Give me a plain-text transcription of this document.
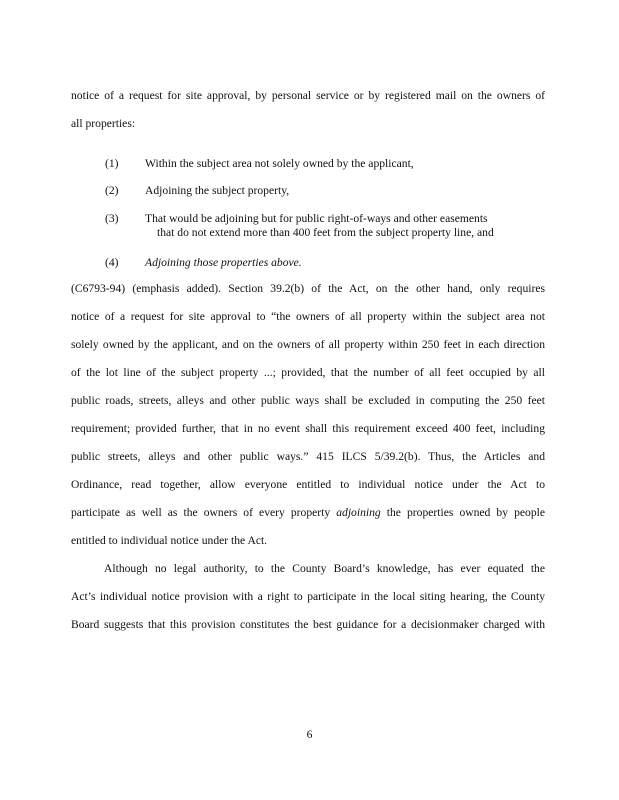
notice of a request for site approval, by personal service or by registered mail on the owners of
all properties:
(1) Within the subject area not solely owned by the applicant,
(2) Adjoining the subject property,
(3) That would be adjoining but for public right-of-ways and other easements
that do not extend more than 400 feet from the subject property line, and
(4) Adjoining those properties above.
(C6793-94) (emphasis added). Section 39.2(b) of the Act, on the other hand, only requires
notice of a request for site approval to “the owners of all property within the subject area not
solely owned by the applicant, and on the owners of all property within 250 feet in each direction
of the lot line of the subject property ...; provided, that the number of all feet occupied by all
public roads, streets, alleys and other public ways shall be excluded in computing the 250 feet
requirement; provided further, that in no event shall this requirement exceed 400 feet, including
public streets, alleys and other public ways.” 415 ILCS 5/39.2(b). Thus, the Articles and
Ordinance, read together, allow everyone entitled to individual notice under the Act to
participate as well as the owners of every property adjoining the properties owned by people
entitled to individual notice under the Act.
Although no legal authority, to the County Board’s knowledge, has ever equated the
Act’s individual notice provision with a right to participate in the local siting hearing, the County
Board suggests that this provision constitutes the best guidance for a decisionmaker charged with
6
